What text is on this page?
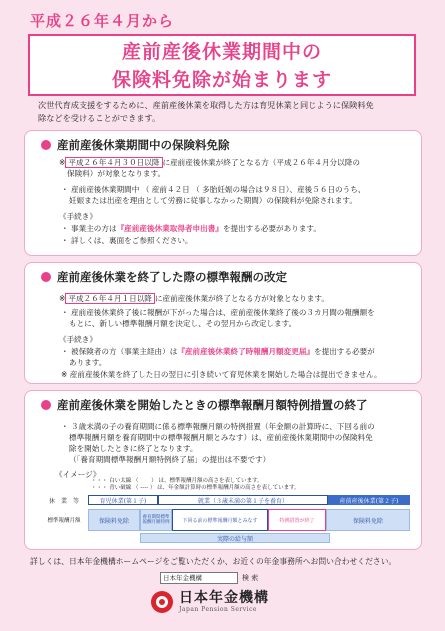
平成２６年４月から
産前産後休業期間中の
保険料免除が始まります
次世代育成支援をするために、産前産後休業を取得した方は育児休業と同じように保険料免
除などを受けることができます。
産前産後休業期間中の保険料免除
※ 平成２６年４月３０日以降 に産前産後休業が終了となる方（平成２６年４月分以降の
保険料）が対象となります。
・ 産前産後休業期間中 （ 産前４２日 （ 多胎妊娠の場合は９８日）、産後５６日のうち、
妊娠または出産を理由として労務に従事しなかった期間）の保険料が免除されます。
《手続き》
・ 事業主の方は『産前産後休業取得者申出書』を提出する必要があります。
・ 詳しくは、裏面をご参照ください。
産前産後休業を終了した際の標準報酬の改定
※ 平成２６年４月１日以降 に産前産後休業が終了となる方が対象となります。
・ 産前産後休業終了後に報酬が下がった場合は、産前産後休業終了後の３カ月間の報酬額を
もとに、新しい標準報酬月額を決定し、その翌月から改定します。
《手続き》
・ 被保険者の方（事業主経由）は『産前産後休業終了時報酬月額変更届』を提出する必要が
あります。
※ 産前産後休業を終了した日の翌日に引き続いて育児休業を開始した場合は提出できません。
産前産後休業を開始したときの標準報酬月額特例措置の終了
・ ３歳未満の子の養育期間に係る標準報酬月額の特例措置（年金額の計算時に、下回る前の
標準報酬月額を養育期間中の標準報酬月額とみなす）は、産前産後休業期間中の保険料免
除を開始したときに終了となります。
（「養育期間標準報酬月額特例終了届」の提出は不要です）
《イメージ》
・・・ 白い太線 （　　 ） は、標準報酬月額の高さを表しています。
・・・ 青い破線 （ ---- ） は、年金額計算時の標準報酬月額の高さを表しています。
休　業　等	育児休業(第１子)	就業（３歳未満の第１子を養育）	産前産後休業(第２子)
標準報酬月額	保険料免除	養育期間標準報酬月額特例	下回る前の標準報酬月額とみなす	特例措置が終了	保険料免除
実際の給与額
詳しくは、日本年金機構ホームページをご覧いただくか、お近くの年金事務所へお問い合わせください。
日本年金機構	検 索
日本年金機構
Japan Pension Service
